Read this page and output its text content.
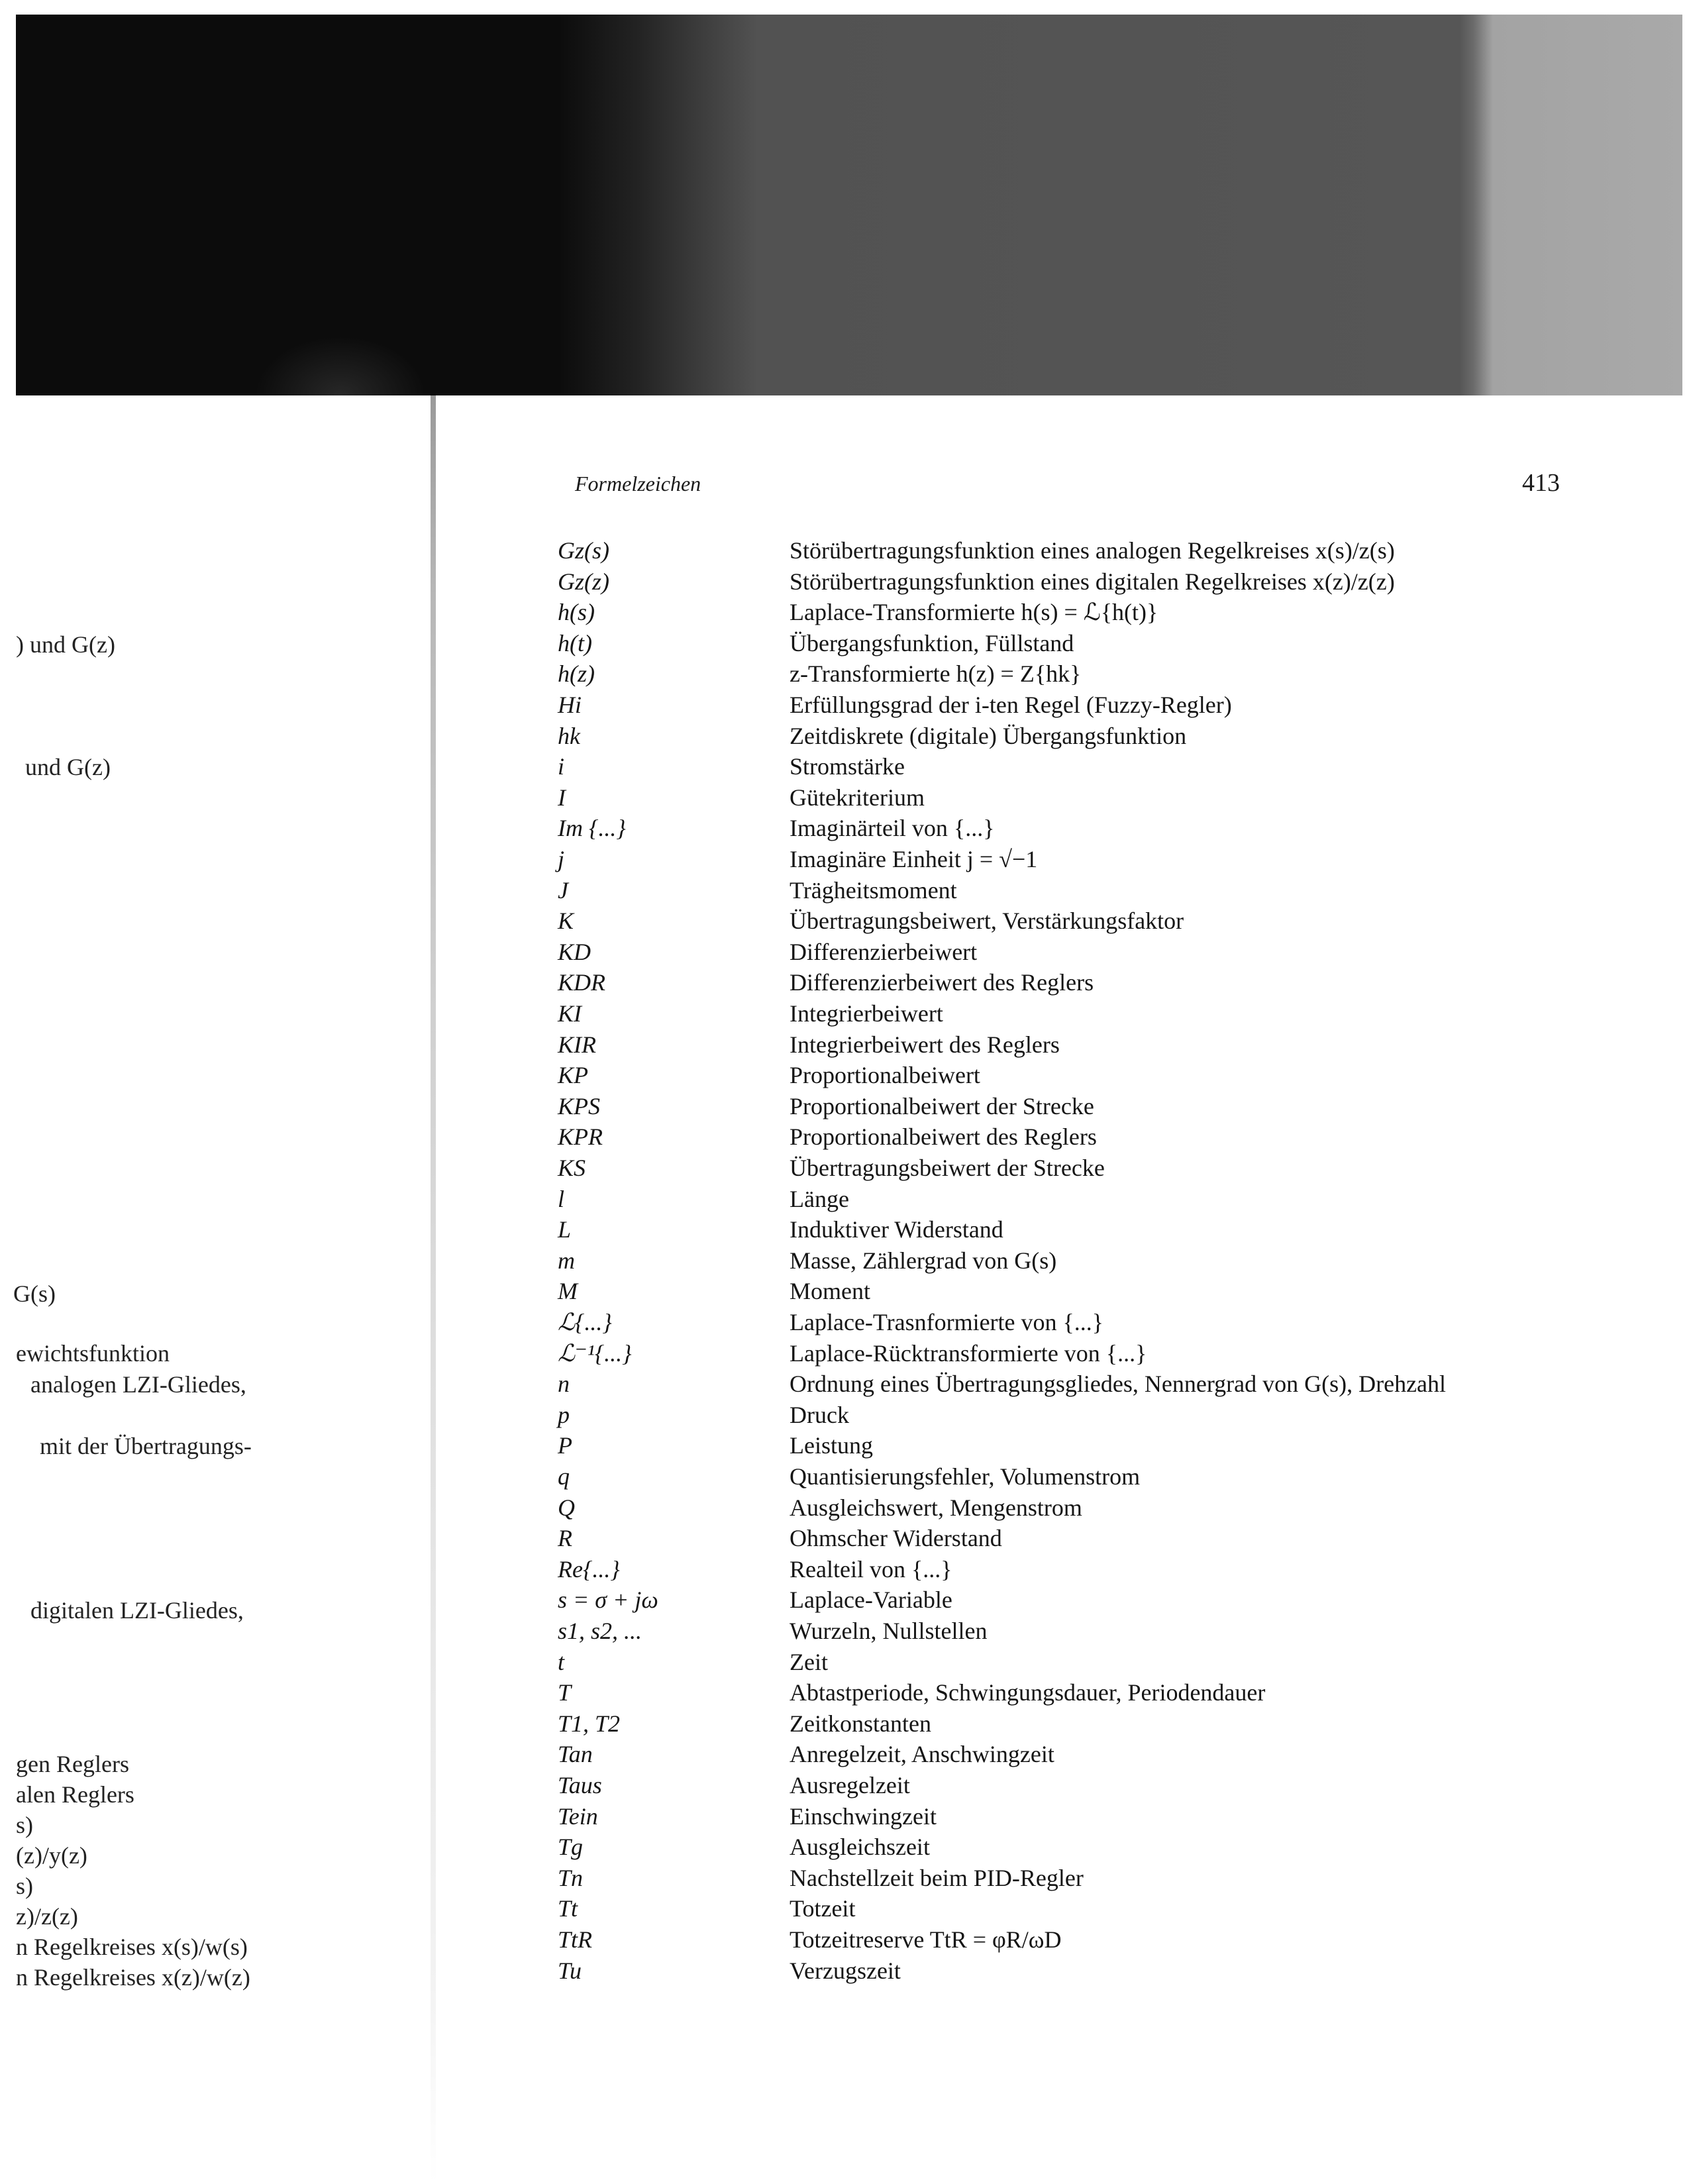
) und G(z)
und G(z)
G(s)
ewichtsfunktion
analogen LZI-Gliedes,
mit der Übertragungs-
digitalen LZI-Gliedes,
gen Reglers
alen Reglers
s)
(z)/y(z)
s)
z)/z(z)
n Regelkreises x(s)/w(s)
n Regelkreises x(z)/w(z)
Formelzeichen	413
Gz(s)	Störübertragungsfunktion eines analogen Regelkreises x(s)/z(s)
Gz(z)	Störübertragungsfunktion eines digitalen Regelkreises x(z)/z(z)
h(s)	Laplace-Transformierte h(s) = ℒ{h(t)}
h(t)	Übergangsfunktion, Füllstand
h(z)	z-Transformierte h(z) = Z{hk}
Hi	Erfüllungsgrad der i-ten Regel (Fuzzy-Regler)
hk	Zeitdiskrete (digitale) Übergangsfunktion
i	Stromstärke
I	Gütekriterium
Im {...}	Imaginärteil von {...}
j	Imaginäre Einheit j = √−1
J	Trägheitsmoment
K	Übertragungsbeiwert, Verstärkungsfaktor
KD	Differenzierbeiwert
KDR	Differenzierbeiwert des Reglers
KI	Integrierbeiwert
KIR	Integrierbeiwert des Reglers
KP	Proportionalbeiwert
KPS	Proportionalbeiwert der Strecke
KPR	Proportionalbeiwert des Reglers
KS	Übertragungsbeiwert der Strecke
l	Länge
L	Induktiver Widerstand
m	Masse, Zählergrad von G(s)
M	Moment
ℒ{...}	Laplace-Trasnformierte von {...}
ℒ⁻¹{...}	Laplace-Rücktransformierte von {...}
n	Ordnung eines Übertragungsgliedes, Nennergrad von G(s), Drehzahl
p	Druck
P	Leistung
q	Quantisierungsfehler, Volumenstrom
Q	Ausgleichswert, Mengenstrom
R	Ohmscher Widerstand
Re{...}	Realteil von {...}
s = σ + jω	Laplace-Variable
s1, s2, ...	Wurzeln, Nullstellen
t	Zeit
T	Abtastperiode, Schwingungsdauer, Periodendauer
T1, T2	Zeitkonstanten
Tan	Anregelzeit, Anschwingzeit
Taus	Ausregelzeit
Tein	Einschwingzeit
Tg	Ausgleichszeit
Tn	Nachstellzeit beim PID-Regler
Tt	Totzeit
TtR	Totzeitreserve TtR = φR/ωD
Tu	Verzugszeit
